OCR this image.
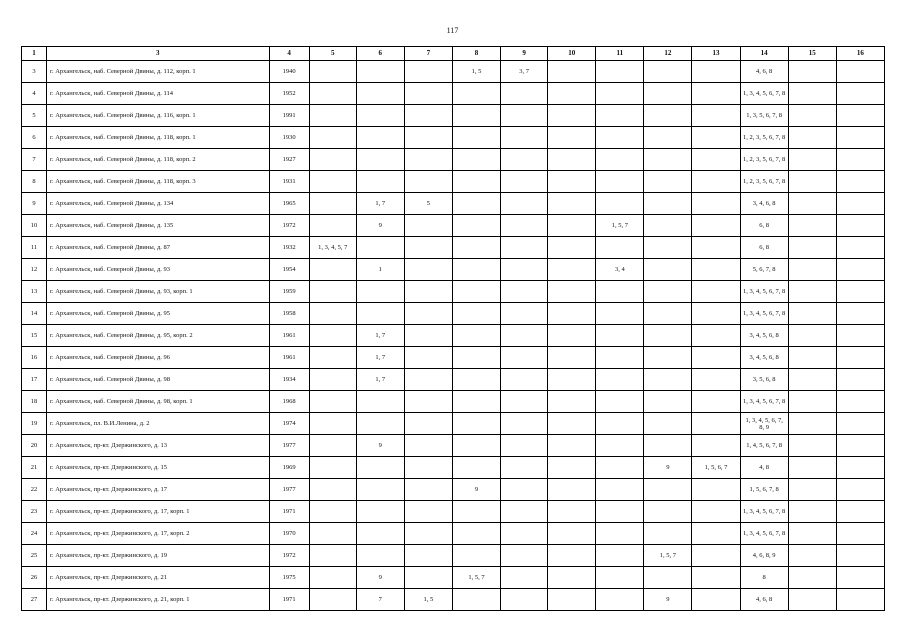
117
1	3	4	5	6	7	8	9	10	11	12	13	14	15	16
3	г. Архангельск, наб. Северной Двины, д. 112, корп. 1	1940				1, 5	3, 7					4, 6, 8		
4	г. Архангельск, наб. Северной Двины, д. 114	1952										1, 3, 4, 5, 6, 7, 8		
5	г. Архангельск, наб. Северной Двины, д. 116, корп. 1	1991										1, 3, 5, 6, 7, 8		
6	г. Архангельск, наб. Северной Двины, д. 118, корп. 1	1930										1, 2, 3, 5, 6, 7, 8		
7	г. Архангельск, наб. Северной Двины, д. 118, корп. 2	1927										1, 2, 3, 5, 6, 7, 8		
8	г. Архангельск, наб. Северной Двины, д. 118, корп. 3	1931										1, 2, 3, 5, 6, 7, 8		
9	г. Архангельск, наб. Северной Двины, д. 134	1965		1, 7	5							3, 4, 6, 8		
10	г. Архангельск, наб. Северной Двины, д. 135	1972		9					1, 5, 7			6, 8		
11	г. Архангельск, наб. Северной Двины, д. 87	1932	1, 3, 4, 5, 7									6, 8		
12	г. Архангельск, наб. Северной Двины, д. 93	1954		1					3, 4			5, 6, 7, 8		
13	г. Архангельск, наб. Северной Двины, д. 93, корп. 1	1959										1, 3, 4, 5, 6, 7, 8		
14	г. Архангельск, наб. Северной Двины, д. 95	1958										1, 3, 4, 5, 6, 7, 8		
15	г. Архангельск, наб. Северной Двины, д. 95, корп. 2	1961		1, 7								3, 4, 5, 6, 8		
16	г. Архангельск, наб. Северной Двины, д. 96	1961		1, 7								3, 4, 5, 6, 8		
17	г. Архангельск, наб. Северной Двины, д. 98	1934		1, 7								3, 5, 6, 8		
18	г. Архангельск, наб. Северной Двины, д. 98, корп. 1	1968										1, 3, 4, 5, 6, 7, 8		
19	г. Архангельск, пл. В.И.Ленина, д. 2	1974										1, 3, 4, 5, 6, 7, 8, 9		
20	г. Архангельск, пр-кт. Дзержинского, д. 13	1977		9								1, 4, 5, 6, 7, 8		
21	г. Архангельск, пр-кт. Дзержинского, д. 15	1969								9	1, 5, 6, 7	4, 8		
22	г. Архангельск, пр-кт. Дзержинского, д. 17	1977				9						1, 5, 6, 7, 8		
23	г. Архангельск, пр-кт. Дзержинского, д. 17, корп. 1	1971										1, 3, 4, 5, 6, 7, 8		
24	г. Архангельск, пр-кт. Дзержинского, д. 17, корп. 2	1970										1, 3, 4, 5, 6, 7, 8		
25	г. Архангельск, пр-кт. Дзержинского, д. 19	1972								1, 5, 7		4, 6, 8, 9		
26	г. Архангельск, пр-кт. Дзержинского, д. 21	1975		9		1, 5, 7						8		
27	г. Архангельск, пр-кт. Дзержинского, д. 21, корп. 1	1971		7	1, 5					9		4, 6, 8		
